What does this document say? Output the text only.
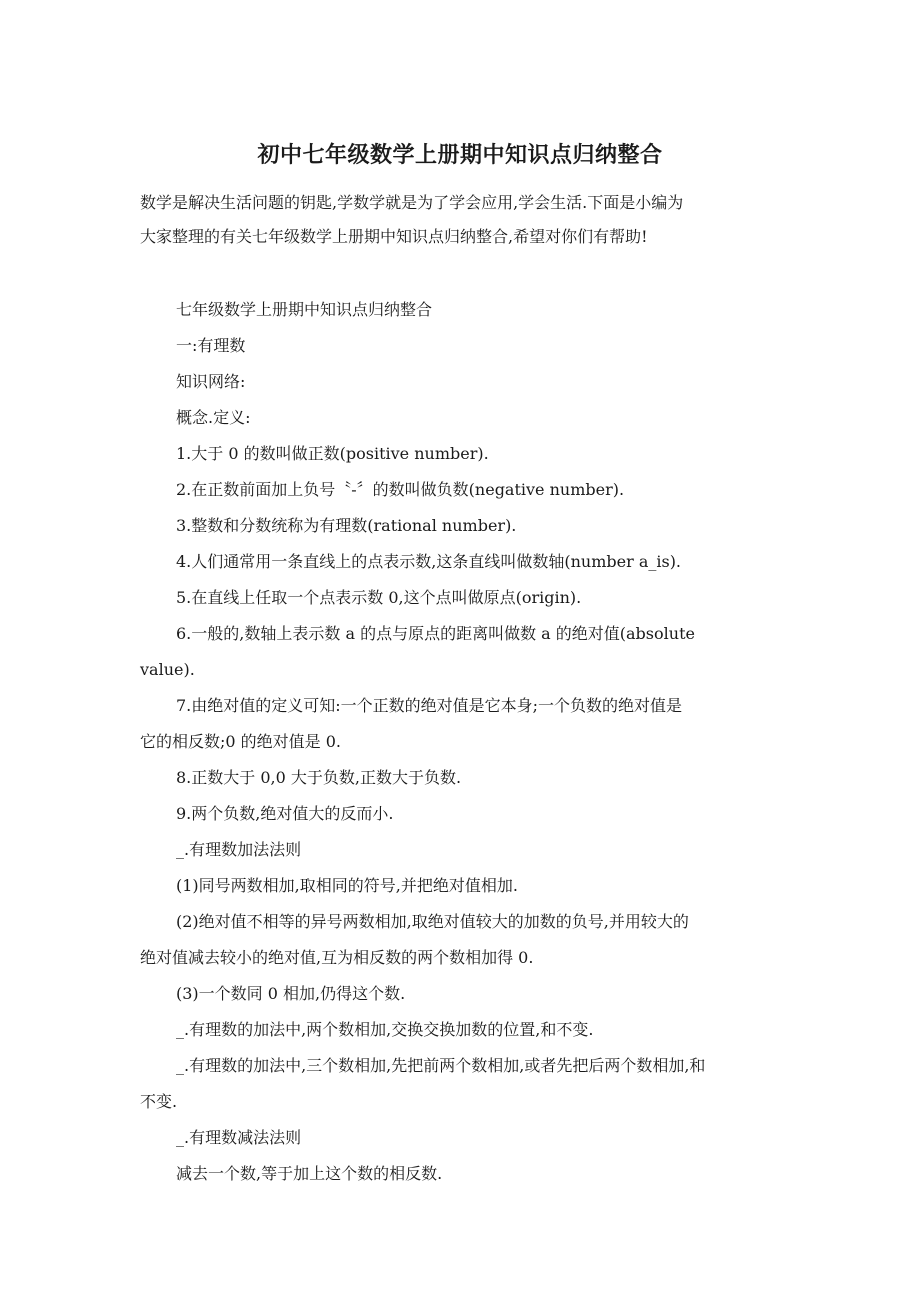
初中七年级数学上册期中知识点归纳整合

数学是解决生活问题的钥匙,学数学就是为了学会应用,学会生活.下面是小编为

大家整理的有关七年级数学上册期中知识点归纳整合,希望对你们有帮助!

七年级数学上册期中知识点归纳整合

一:有理数

知识网络:

概念.定义:

1.大于 0 的数叫做正数(positive number).

2.在正数前面加上负号〝-〞的数叫做负数(negative number).

3.整数和分数统称为有理数(rational number).

4.人们通常用一条直线上的点表示数,这条直线叫做数轴(number a_is).

5.在直线上任取一个点表示数 0,这个点叫做原点(origin).

6.一般的,数轴上表示数 a 的点与原点的距离叫做数 a 的绝对值(absolute

value).

7.由绝对值的定义可知:一个正数的绝对值是它本身;一个负数的绝对值是

它的相反数;0 的绝对值是 0.

8.正数大于 0,0 大于负数,正数大于负数.

9.两个负数,绝对值大的反而小.

_.有理数加法法则

(1)同号两数相加,取相同的符号,并把绝对值相加.

(2)绝对值不相等的异号两数相加,取绝对值较大的加数的负号,并用较大的

绝对值减去较小的绝对值,互为相反数的两个数相加得 0.

(3)一个数同 0 相加,仍得这个数.

_.有理数的加法中,两个数相加,交换交换加数的位置,和不变.

_.有理数的加法中,三个数相加,先把前两个数相加,或者先把后两个数相加,和

不变.

_.有理数减法法则

减去一个数,等于加上这个数的相反数.
